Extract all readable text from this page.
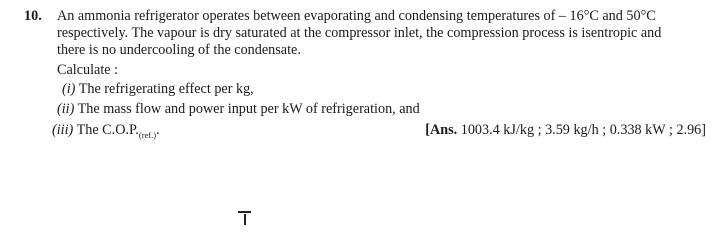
10. An ammonia refrigerator operates between evaporating and condensing temperatures of – 16°C and 50°C
respectively. The vapour is dry saturated at the compressor inlet, the compression process is isentropic and
there is no undercooling of the condensate.
Calculate :
(i) The refrigerating effect per kg,
(ii) The mass flow and power input per kW of refrigeration, and
(iii) The $C.O.P._{(ref.)}$.	[Ans. 1003.4 kJ/kg ; 3.59 kg/h ; 0.338 kW ; 2.96]
